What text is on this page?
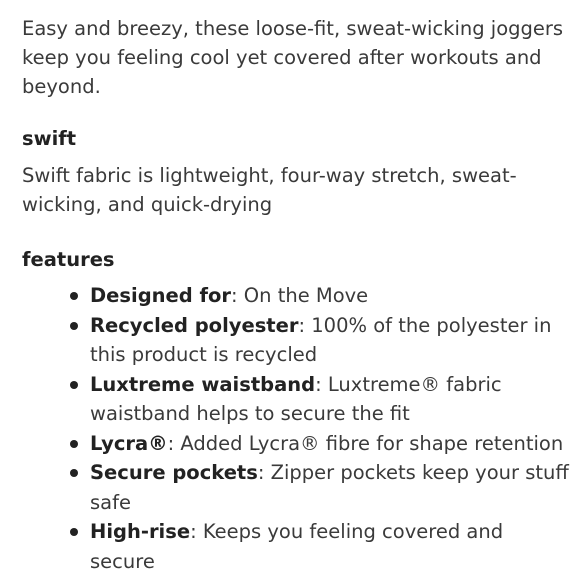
Easy and breezy, these loose-fit, sweat-wicking joggers keep you feeling cool yet covered after workouts and beyond.

swift

Swift fabric is lightweight, four-way stretch, sweat-wicking, and quick-drying

features
Designed for: On the Move
Recycled polyester: 100% of the polyester in this product is recycled
Luxtreme waistband: Luxtreme® fabric waistband helps to secure the fit
Lycra®: Added Lycra® fibre for shape retention
Secure pockets: Zipper pockets keep your stuff safe
High-rise: Keeps you feeling covered and secure
